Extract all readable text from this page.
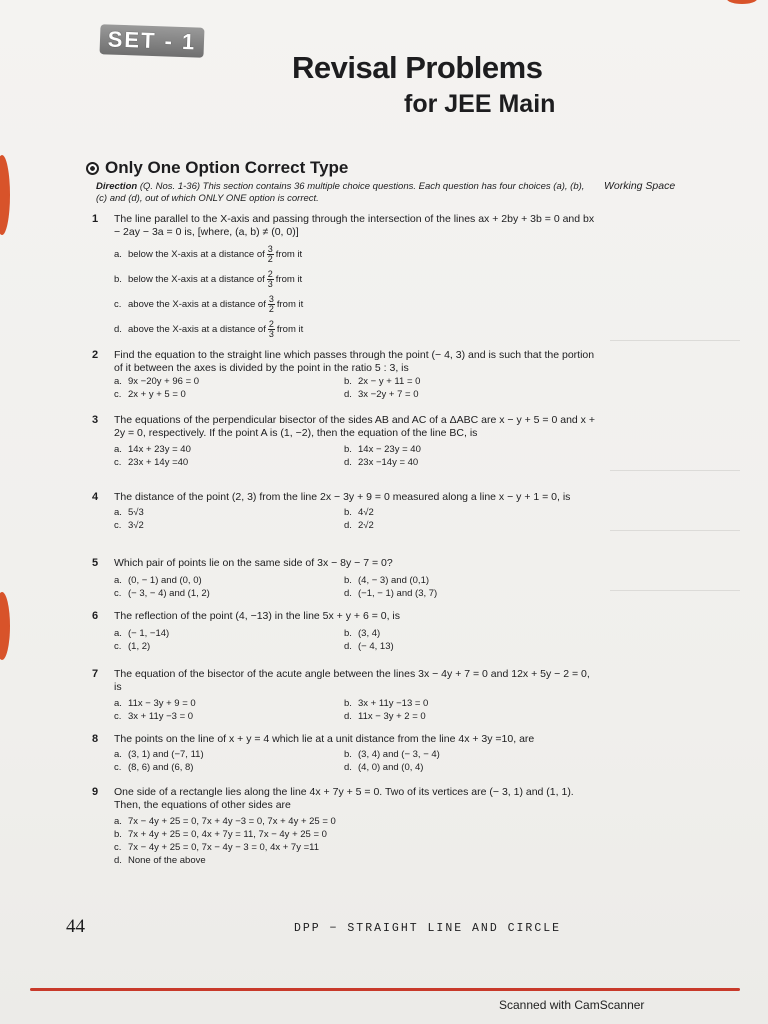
SET - 1
Revisal Problems
for JEE Main
Only One Option Correct Type
Working Space
Direction (Q. Nos. 1-36) This section contains 36 multiple choice questions. Each question has four choices (a), (b), (c) and (d), out of which ONLY ONE option is correct.
1 The line parallel to the X-axis and passing through the intersection of the lines ax + 2by + 3b = 0 and bx − 2ay − 3a = 0 is, [where, (a, b) ≠ (0, 0)]
a. below the X-axis at a distance of $\frac{3}{2}$ from it
b. below the X-axis at a distance of $\frac{2}{3}$ from it
c. above the X-axis at a distance of $\frac{3}{2}$ from it
d. above the X-axis at a distance of $\frac{2}{3}$ from it
2 Find the equation to the straight line which passes through the point (− 4, 3) and is such that the portion of it between the axes is divided by the point in the ratio 5 : 3, is
a. 9x −20y + 96 = 0	b. 2x − y + 11 = 0
c. 2x + y + 5 = 0	d. 3x −2y + 7 = 0
3 The equations of the perpendicular bisector of the sides AB and AC of a ΔABC are x − y + 5 = 0 and x + 2y = 0, respectively. If the point A is (1, −2), then the equation of the line BC, is
a. 14x + 23y = 40	b. 14x − 23y = 40
c. 23x + 14y =40	d. 23x −14y = 40
4 The distance of the point (2, 3) from the line 2x − 3y + 9 = 0 measured along a line x − y + 1 = 0, is
a. 5√3	b. 4√2
c. 3√2	d. 2√2
5 Which pair of points lie on the same side of 3x − 8y − 7 = 0?
a. (0, − 1) and (0, 0)	b. (4, − 3) and (0,1)
c. (− 3, − 4) and (1, 2)	d. (−1, − 1) and (3, 7)
6 The reflection of the point (4, −13) in the line 5x + y + 6 = 0, is
a. (− 1, −14)	b. (3, 4)
c. (1, 2)	d. (− 4, 13)
7 The equation of the bisector of the acute angle between the lines 3x − 4y + 7 = 0 and 12x + 5y − 2 = 0, is
a. 11x − 3y + 9 = 0	b. 3x + 11y −13 = 0
c. 3x + 11y −3 = 0	d. 11x − 3y + 2 = 0
8 The points on the line of x + y = 4 which lie at a unit distance from the line 4x + 3y =10, are
a. (3, 1) and (−7, 11)	b. (3, 4) and (− 3, − 4)
c. (8, 6) and (6, 8)	d. (4, 0) and (0, 4)
9 One side of a rectangle lies along the line 4x + 7y + 5 = 0. Two of its vertices are (− 3, 1) and (1, 1). Then, the equations of other sides are
a. 7x − 4y + 25 = 0, 7x + 4y −3 = 0, 7x + 4y + 25 = 0
b. 7x + 4y + 25 = 0, 4x + 7y = 11, 7x − 4y + 25 = 0
c. 7x − 4y + 25 = 0, 7x − 4y − 3 = 0, 4x + 7y =11
d. None of the above
44	DPP − STRAIGHT LINE AND CIRCLE
Scanned with CamScanner
